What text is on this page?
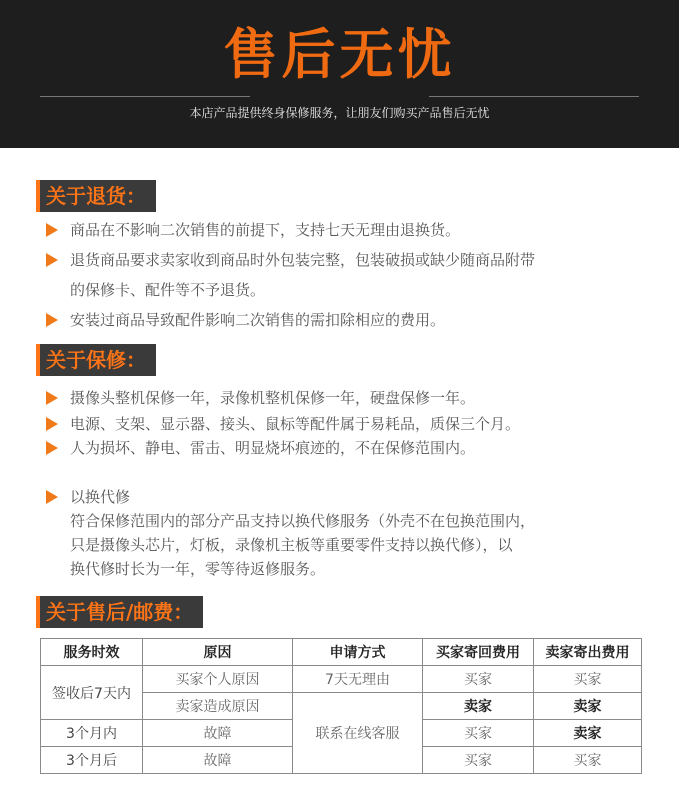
售后无忧
本店产品提供终身保修服务，让朋友们购买产品售后无忧
关于退货：
商品在不影响二次销售的前提下，支持七天无理由退换货。
退货商品要求卖家收到商品时外包装完整，包装破损或缺少随商品附带
的保修卡、配件等不予退货。
安装过商品导致配件影响二次销售的需扣除相应的费用。
关于保修：
摄像头整机保修一年，录像机整机保修一年，硬盘保修一年。
电源、支架、显示器、接头、鼠标等配件属于易耗品，质保三个月。
人为损坏、静电、雷击、明显烧坏痕迹的，不在保修范围内。
以换代修
符合保修范围内的部分产品支持以换代修服务（外壳不在包换范围内，
只是摄像头芯片，灯板，录像机主板等重要零件支持以换代修），以
换代修时长为一年，零等待返修服务。
关于售后/邮费：
服务时效	原因	申请方式	买家寄回费用	卖家寄出费用
签收后7天内	买家个人原因	7天无理由	买家	买家
	卖家造成原因	联系在线客服	卖家	卖家
3个月内	故障		买家	卖家
3个月后	故障		买家	买家
